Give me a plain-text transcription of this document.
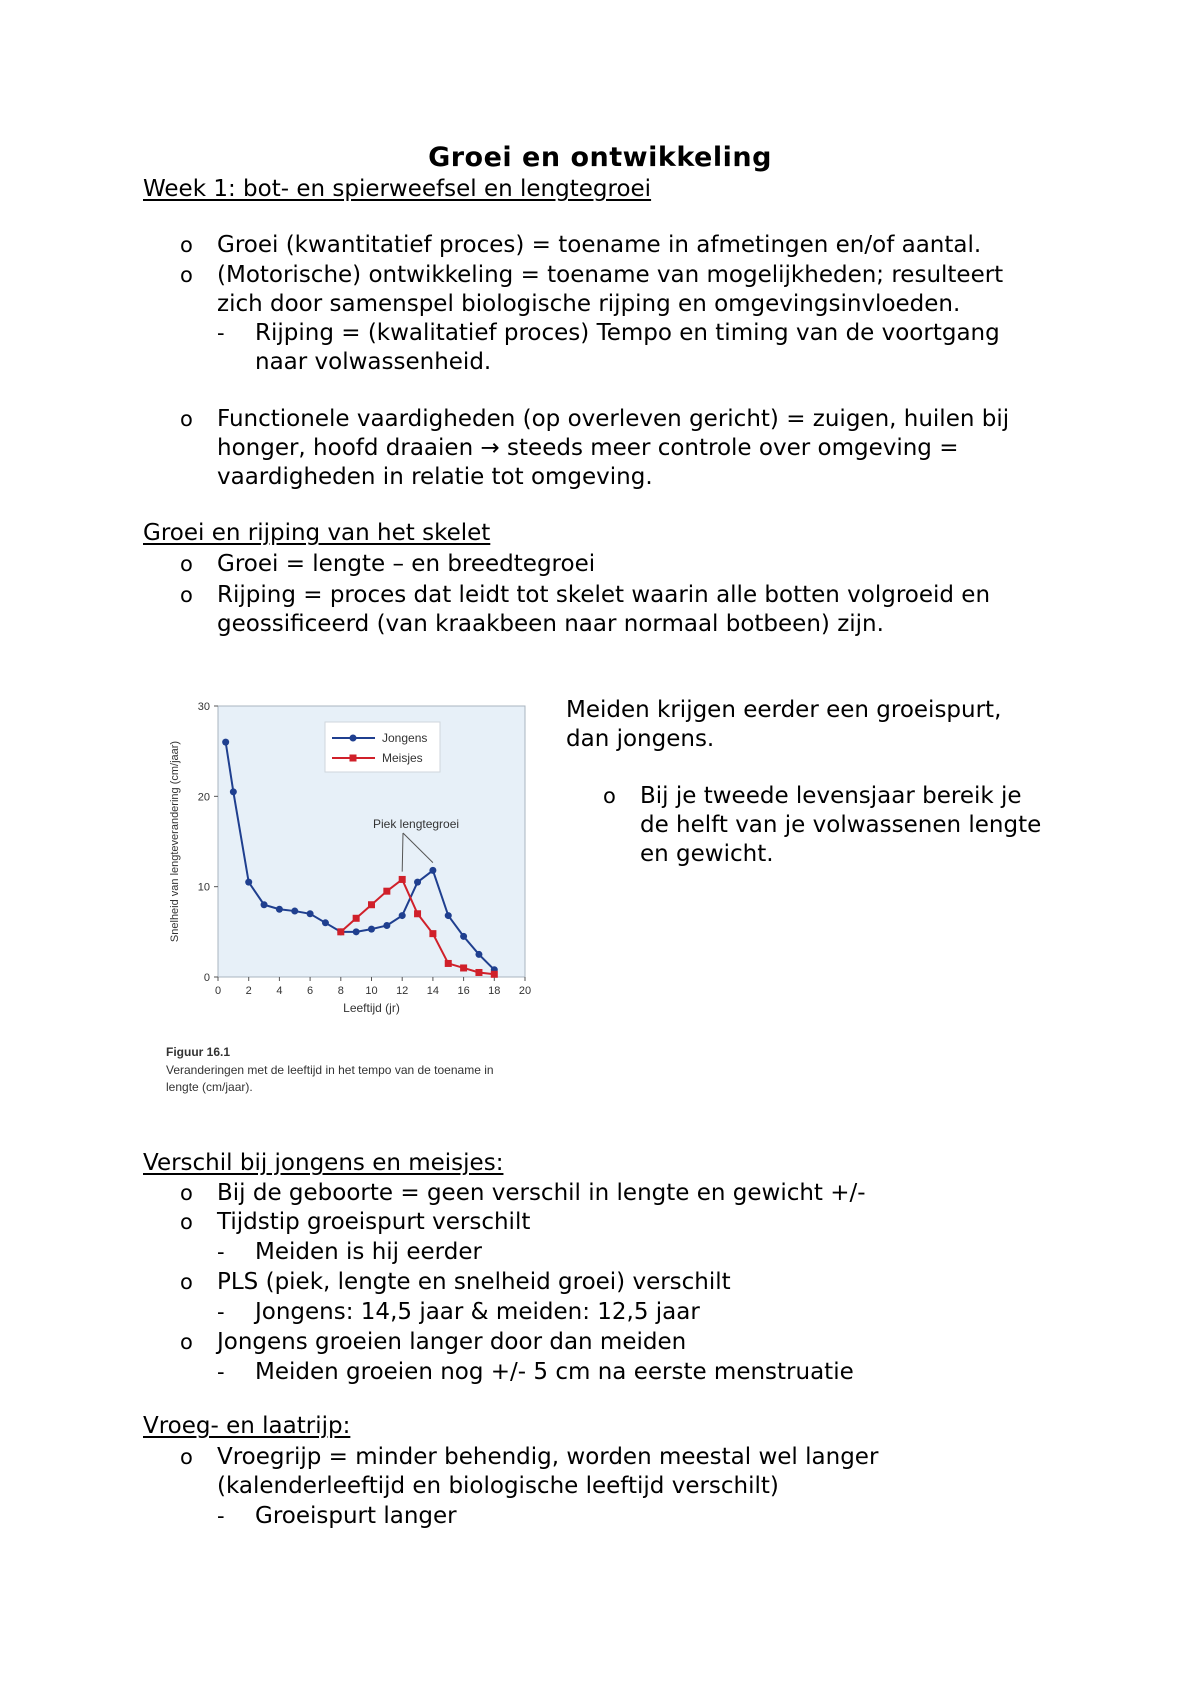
Groei en ontwikkeling
Week 1: bot- en spierweefsel en lengtegroei
o Groei (kwantitatief proces) = toename in afmetingen en/of aantal.
o (Motorische) ontwikkeling = toename van mogelijkheden; resulteert
zich door samenspel biologische rijping en omgevingsinvloeden.
- Rijping = (kwalitatief proces) Tempo en timing van de voortgang
naar volwassenheid.
o Functionele vaardigheden (op overleven gericht) = zuigen, huilen bij
honger, hoofd draaien → steeds meer controle over omgeving =
vaardigheden in relatie tot omgeving.
Groei en rijping van het skelet
o Groei = lengte – en breedtegroei
o Rijping = proces dat leidt tot skelet waarin alle botten volgroeid en
geossificeerd (van kraakbeen naar normaal botbeen) zijn.
0
10
20
30
0 2 4 6 8 10 12 14 16 18 20
Leeftijd (jr)
Snelheid van lengteverandering (cm/jaar)
Jongens
Meisjes
Piek lengtegroei
Figuur 16.1
Veranderingen met de leeftijd in het tempo van de toename in
lengte (cm/jaar).
Meiden krijgen eerder een groeispurt,
dan jongens.
o Bij je tweede levensjaar bereik je
de helft van je volwassenen lengte
en gewicht.
Verschil bij jongens en meisjes:
o Bij de geboorte = geen verschil in lengte en gewicht +/-
o Tijdstip groeispurt verschilt
- Meiden is hij eerder
o PLS (piek, lengte en snelheid groei) verschilt
- Jongens: 14,5 jaar & meiden: 12,5 jaar
o Jongens groeien langer door dan meiden
- Meiden groeien nog +/- 5 cm na eerste menstruatie
Vroeg- en laatrijp:
o Vroegrijp = minder behendig, worden meestal wel langer
(kalenderleeftijd en biologische leeftijd verschilt)
- Groeispurt langer
